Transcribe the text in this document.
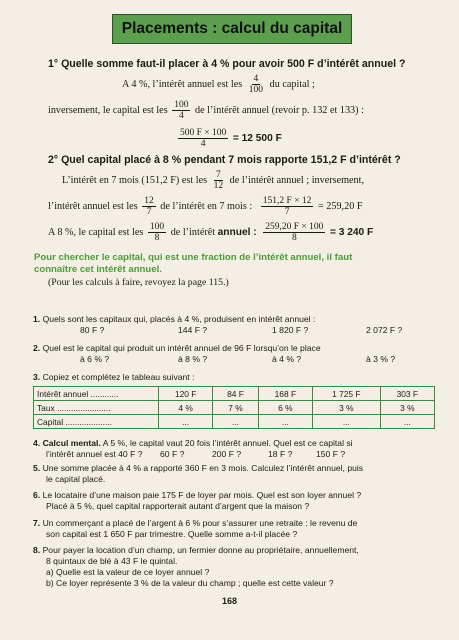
Placements : calcul du capital
1° Quelle somme faut-il placer à 4 % pour avoir 500 F d’intérêt annuel ?
A 4 %, l’intérêt annuel est les $\frac{4}{100}$ du capital ;
inversement, le capital est les $\frac{100}{4}$ de l’intérêt annuel (revoir p. 132 et 133) :
$\frac{500 F \times 100}{4} = 12$ 500 F
2° Quel capital placé à 8 % pendant 7 mois rapporte 151,2 F d’intérêt ?
L’intérêt en 7 mois (151,2 F) est les $\frac{7}{12}$ de l’intérêt annuel ; inversement,
l’intérêt annuel est les $\frac{12}{7}$ de l’intérêt en 7 mois : $\frac{151,2 F \times 12}{7} = 259,20$ F
A 8 %, le capital est les $\frac{100}{8}$ de l’intérêt annuel : $\frac{259,20 F \times 100}{8} = 3$ 240 F
Pour chercher le capital, qui est une fraction de l’intérêt annuel, il faut
connaître cet intérêt annuel.
(Pour les calculs à faire, revoyez la page 115.)
1. Quels sont les capitaux qui, placés à 4 %, produisent en intérêt annuel :
80 F ?	144 F ?	1 820 F ?	2 072 F ?
2. Quel est le capital qui produit un intérêt annuel de 96 F lorsqu’on le place
à 6 % ?	à 8 % ?	à 4 % ?	à 3 % ?
3. Copiez et complétez le tableau suivant :
Intérêt annuel ............	120 F	84 F	168 F	1 725 F	303 F
Taux .......................	4 %	7 %	6 %	3 %	3 %
Capital ....................	...	...	...	...	...
4. Calcul mental. A 5 %, le capital vaut 20 fois l’intérêt annuel. Quel est ce capital si
l’intérêt annuel est 40 F ? 60 F ?	200 F ?	18 F ?	150 F ?
5. Une somme placée à 4 % a rapporté 360 F en 3 mois. Calculez l’intérêt annuel, puis
le capital placé.
6. Le locataire d’une maison paie 175 F de loyer par mois. Quel est son loyer annuel ?
Placé à 5 %, quel capital rapporterait autant d’argent que la maison ?
7. Un commerçant a placé de l’argent à 6 % pour s’assurer une retraite : le revenu de
son capital est 1 650 F par trimestre. Quelle somme a-t-il placée ?
8. Pour payer la location d’un champ, un fermier donne au propriétaire, annuellement,
8 quintaux de blé à 43 F le quintal.
a) Quelle est la valeur de ce loyer annuel ?
b) Ce loyer représente 3 % de la valeur du champ ; quelle est cette valeur ?
168
